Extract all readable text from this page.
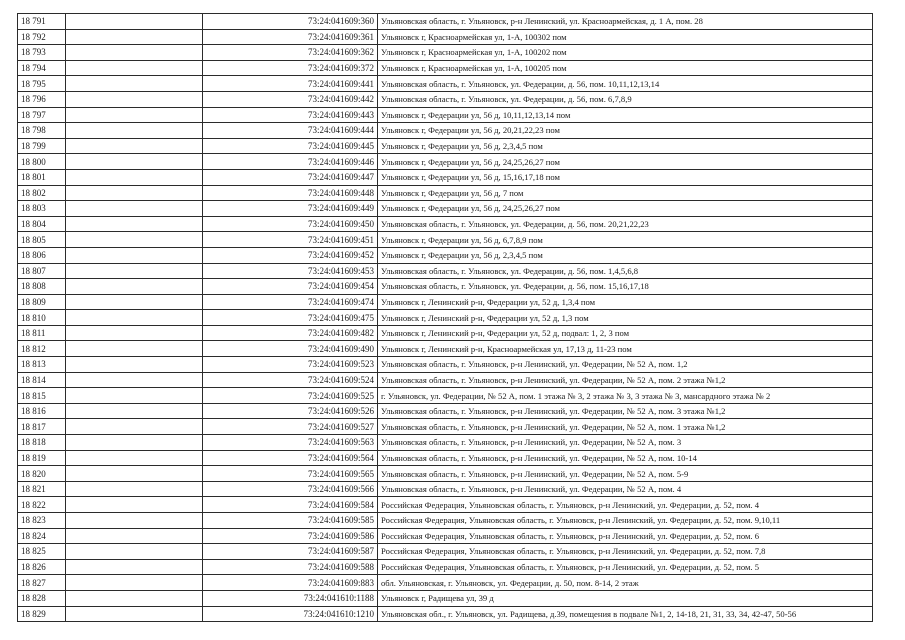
18 791		73:24:041609:360	Ульяновская область, г. Ульяновск, р-н Ленинский, ул. Красноармейская, д. 1 А, пом. 28
18 792		73:24:041609:361	Ульяновск г, Красноармейская ул, 1-А, 100302 пом
18 793		73:24:041609:362	Ульяновск г, Красноармейская ул, 1-А, 100202 пом
18 794		73:24:041609:372	Ульяновск г, Красноармейская ул, 1-А, 100205 пом
18 795		73:24:041609:441	Ульяновская область, г. Ульяновск, ул. Федерации, д. 56, пом. 10,11,12,13,14
18 796		73:24:041609:442	Ульяновская область, г. Ульяновск, ул. Федерации, д. 56, пом. 6,7,8,9
18 797		73:24:041609:443	Ульяновск г, Федерации ул, 56 д, 10,11,12,13,14 пом
18 798		73:24:041609:444	Ульяновск г, Федерации ул, 56 д, 20,21,22,23 пом
18 799		73:24:041609:445	Ульяновск г, Федерации ул, 56 д, 2,3,4,5 пом
18 800		73:24:041609:446	Ульяновск г, Федерации ул, 56 д, 24,25,26,27 пом
18 801		73:24:041609:447	Ульяновск г, Федерации ул, 56 д, 15,16,17,18 пом
18 802		73:24:041609:448	Ульяновск г, Федерации ул, 56 д, 7 пом
18 803		73:24:041609:449	Ульяновск г, Федерации ул, 56 д, 24,25,26,27 пом
18 804		73:24:041609:450	Ульяновская область, г. Ульяновск, ул. Федерации, д. 56, пом. 20,21,22,23
18 805		73:24:041609:451	Ульяновск г, Федерации ул, 56 д, 6,7,8,9 пом
18 806		73:24:041609:452	Ульяновск г, Федерации ул, 56 д, 2,3,4,5 пом
18 807		73:24:041609:453	Ульяновская область, г. Ульяновск, ул. Федерации, д. 56, пом. 1,4,5,6,8
18 808		73:24:041609:454	Ульяновская область, г. Ульяновск, ул. Федерации, д. 56, пом. 15,16,17,18
18 809		73:24:041609:474	Ульяновск г, Ленинский р-н, Федерации ул, 52 д, 1,3,4 пом
18 810		73:24:041609:475	Ульяновск г, Ленинский р-н, Федерации ул, 52 д, 1,3 пом
18 811		73:24:041609:482	Ульяновск г, Ленинский р-н, Федерации ул, 52 д, подвал: 1, 2, 3 пом
18 812		73:24:041609:490	Ульяновск г, Ленинский р-н, Красноармейская ул, 17,13 д, 11-23 пом
18 813		73:24:041609:523	Ульяновская область, г. Ульяновск, р-н Ленинский, ул. Федерации, № 52 А, пом. 1,2
18 814		73:24:041609:524	Ульяновская область, г. Ульяновск, р-н Ленинский, ул. Федерации, № 52 А, пом. 2 этажа №1,2
18 815		73:24:041609:525	г. Ульяновск, ул. Федерации, № 52 А, пом. 1 этажа № 3, 2 этажа № 3, 3 этажа № 3, мансардного этажа № 2
18 816		73:24:041609:526	Ульяновская область, г. Ульяновск, р-н Ленинский, ул. Федерации, № 52 А, пом. 3 этажа №1,2
18 817		73:24:041609:527	Ульяновская область, г. Ульяновск, р-н Ленинский, ул. Федерации, № 52 А, пом. 1 этажа №1,2
18 818		73:24:041609:563	Ульяновская область, г. Ульяновск, р-н Ленинский, ул. Федерации, № 52 А, пом. 3
18 819		73:24:041609:564	Ульяновская область, г. Ульяновск, р-н Ленинский, ул. Федерации, № 52 А, пом. 10-14
18 820		73:24:041609:565	Ульяновская область, г. Ульяновск, р-н Ленинский, ул. Федерации, № 52 А, пом. 5-9
18 821		73:24:041609:566	Ульяновская область, г. Ульяновск, р-н Ленинский, ул. Федерации, № 52 А, пом. 4
18 822		73:24:041609:584	Российская Федерация, Ульяновская область, г. Ульяновск, р-н Ленинский, ул. Федерации, д. 52, пом. 4
18 823		73:24:041609:585	Российская Федерация, Ульяновская область, г. Ульяновск, р-н Ленинский, ул. Федерации, д. 52, пом. 9,10,11
18 824		73:24:041609:586	Российская Федерация, Ульяновская область, г. Ульяновск, р-н Ленинский, ул. Федерации, д. 52, пом. 6
18 825		73:24:041609:587	Российская Федерация, Ульяновская область, г. Ульяновск, р-н Ленинский, ул. Федерации, д. 52, пом. 7,8
18 826		73:24:041609:588	Российская Федерация, Ульяновская область, г. Ульяновск, р-н Ленинский, ул. Федерации, д. 52, пом. 5
18 827		73:24:041609:883	обл. Ульяновская, г. Ульяновск, ул. Федерации, д. 50, пом. 8-14, 2 этаж
18 828		73:24:041610:1188	Ульяновск г, Радищева ул, 39 д
18 829		73:24:041610:1210	Ульяновская обл., г. Ульяновск, ул. Радищева, д.39, помещения в подвале №1, 2, 14-18, 21, 31, 33, 34, 42-47, 50-56
